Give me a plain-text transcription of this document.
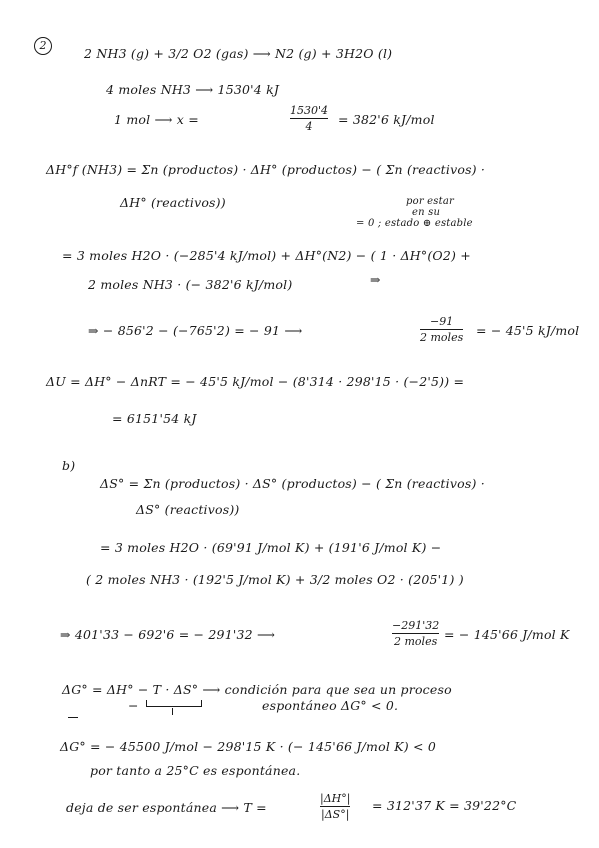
2
2 NH3 (g) + 3/2 O2 (gas) ⟶ N2 (g) + 3H2O (l)
4 moles NH3 ⟶ 1530'4 kJ
1 mol ⟶ x =
1530'4
4 = 382'6 kJ/mol
ΔH°f (NH3) = Σn (productos) · ΔH° (productos) − ( Σn (reactivos) ·
ΔH° (reactivos))	por estar
en su
= 0 ; estado ⊕ estable
= 3 moles H2O · (−285'4 kJ/mol) + ΔH°(N2) − ( 1 · ΔH°(O2) +
2 moles NH3 · (− 382'6 kJ/mol)	⇒
⇒ − 856'2 − (−765'2) = − 91 ⟶
−91
2 moles = − 45'5 kJ/mol
ΔU = ΔH° − ΔnRT = − 45'5 kJ/mol − (8'314 · 298'15 · (−2'5)) =
= 6151'54 kJ
b)
ΔS° = Σn (productos) · ΔS° (productos) − ( Σn (reactivos) ·
ΔS° (reactivos))
= 3 moles H2O · (69'91 J/mol K) + (191'6 J/mol K) −
( 2 moles NH3 · (192'5 J/mol K) + 3/2 moles O2 · (205'1) )
⇒ 401'33 − 692'6 = − 291'32 ⟶
−291'32
2 moles = − 145'66 J/mol K
ΔG° = ΔH° − T · ΔS° ⟶ condición para que sea un proceso
−	espontáneo ΔG° < 0.
ΔG° = − 45500 J/mol − 298'15 K · (− 145'66 J/mol K) < 0
por tanto a 25°C es espontánea.
deja de ser espontánea ⟶ T =
|ΔH°|
|ΔS°|
= 312'37 K = 39'22°C
